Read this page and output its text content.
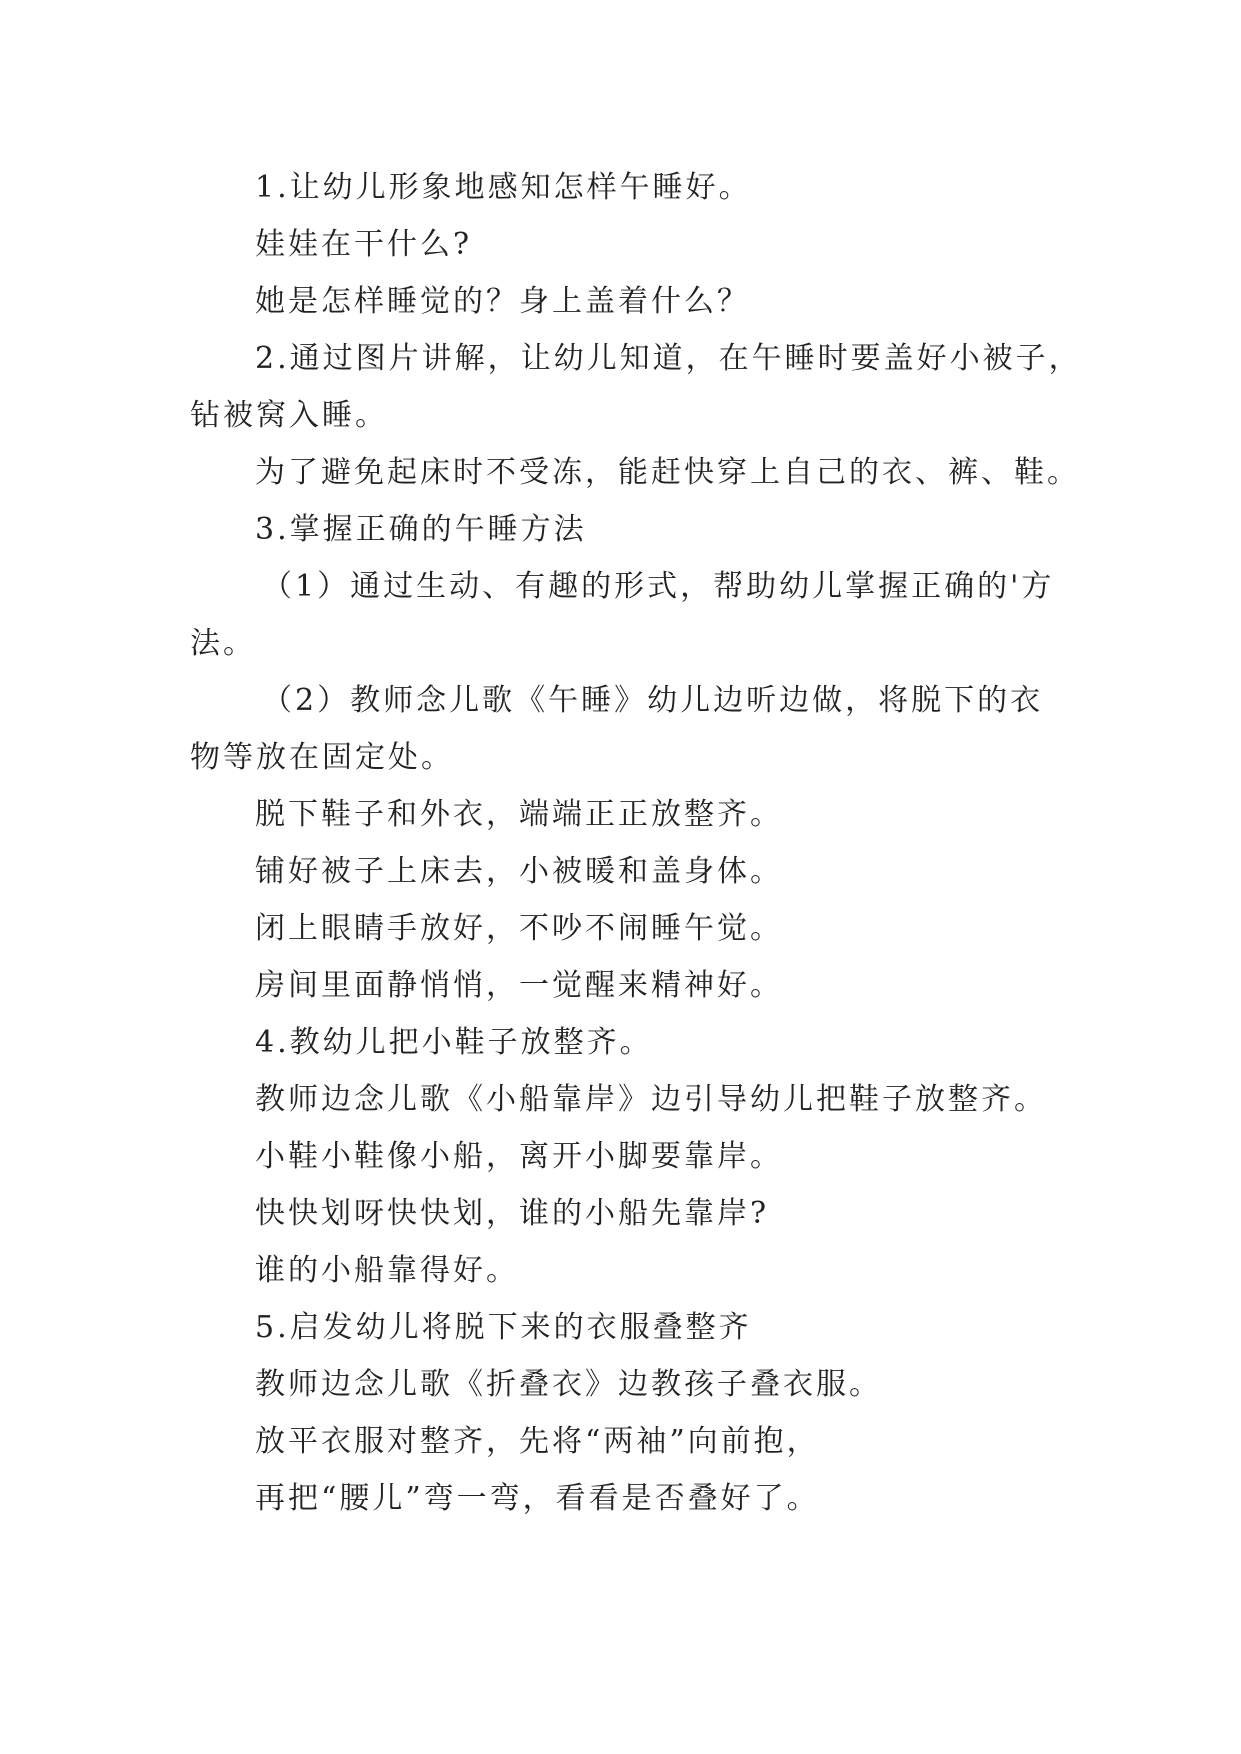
1.让幼儿形象地感知怎样午睡好。
娃娃在干什么?
她是怎样睡觉的？身上盖着什么？
2.通过图片讲解，让幼儿知道，在午睡时要盖好小被子，
钻被窝入睡。
为了避免起床时不受冻，能赶快穿上自己的衣、裤、鞋。
3.掌握正确的午睡方法
（1）通过生动、有趣的形式，帮助幼儿掌握正确的'方
法。
（2）教师念儿歌《午睡》幼儿边听边做，将脱下的衣
物等放在固定处。
脱下鞋子和外衣，端端正正放整齐。
铺好被子上床去，小被暖和盖身体。
闭上眼睛手放好，不吵不闹睡午觉。
房间里面静悄悄，一觉醒来精神好。
4.教幼儿把小鞋子放整齐。
教师边念儿歌《小船靠岸》边引导幼儿把鞋子放整齐。
小鞋小鞋像小船，离开小脚要靠岸。
快快划呀快快划，谁的小船先靠岸?
谁的小船靠得好。
5.启发幼儿将脱下来的衣服叠整齐
教师边念儿歌《折叠衣》边教孩子叠衣服。
放平衣服对整齐，先将“两袖”向前抱，
再把“腰儿”弯一弯，看看是否叠好了。
